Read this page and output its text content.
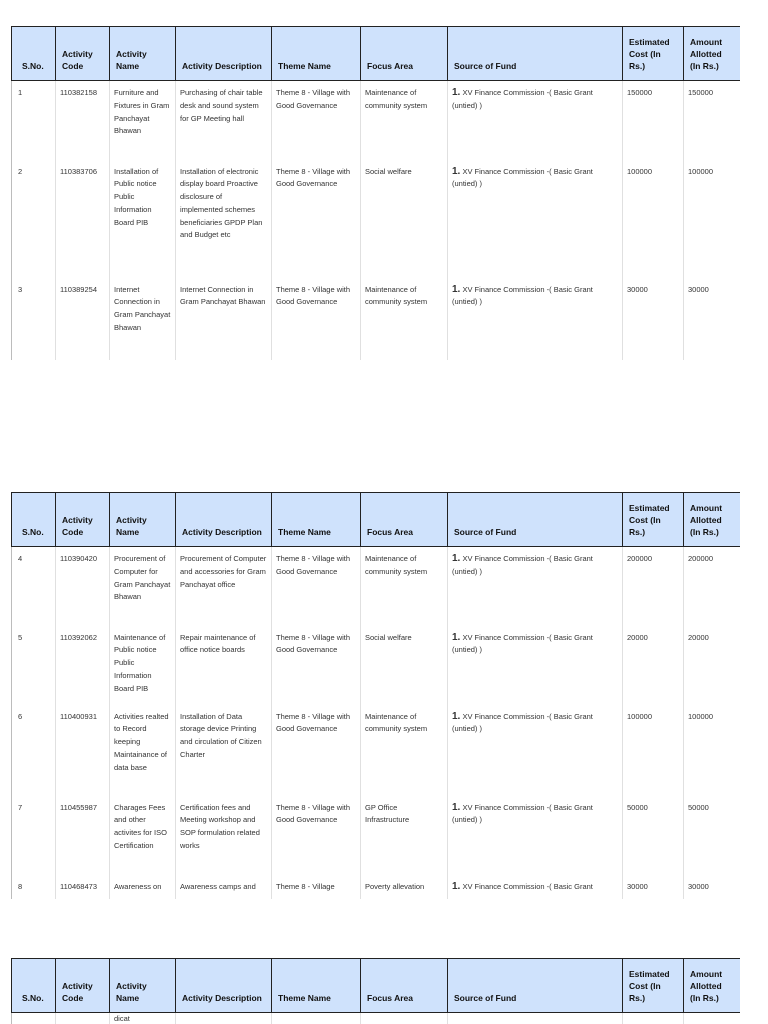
S.No.	Activity Code	Activity Name	Activity Description	Theme Name	Focus Area	Source of Fund	Estimated Cost (In Rs.)	Amount Allotted (In Rs.)
1	110382158	Furniture and Fixtures in Gram Panchayat Bhawan	Purchasing of chair table desk and sound system for GP Meeting hall	Theme 8 - Village with Good Governance	Maintenance of community system	1. XV Finance Commission -( Basic Grant (untied) )	150000	150000
2	110383706	Installation of Public notice Public Information Board PIB	Installation of electronic display board Proactive disclosure of implemented schemes beneficiaries GPDP Plan and Budget etc	Theme 8 - Village with Good Governance	Social welfare	1. XV Finance Commission -( Basic Grant (untied) )	100000	100000
3	110389254	Internet Connection in Gram Panchayat Bhawan	Internet Connection in Gram Panchayat Bhawan	Theme 8 - Village with Good Governance	Maintenance of community system	1. XV Finance Commission -( Basic Grant (untied) )	30000	30000
S.No.	Activity Code	Activity Name	Activity Description	Theme Name	Focus Area	Source of Fund	Estimated Cost (In Rs.)	Amount Allotted (In Rs.)
4	110390420	Procurement of Computer for Gram Panchayat Bhawan	Procurement of Computer and accessories for Gram Panchayat office	Theme 8 - Village with Good Governance	Maintenance of community system	1. XV Finance Commission -( Basic Grant (untied) )	200000	200000
5	110392062	Maintenance of Public notice Public Information Board PIB	Repair maintenance of office notice boards	Theme 8 - Village with Good Governance	Social welfare	1. XV Finance Commission -( Basic Grant (untied) )	20000	20000
6	110400931	Activities realted to Record keeping Maintainance of data base	Installation of Data storage device Printing and circulation of Citizen Charter	Theme 8 - Village with Good Governance	Maintenance of community system	1. XV Finance Commission -( Basic Grant (untied) )	100000	100000
7	110455987	Charages Fees and other activites for ISO Certification	Certification fees and Meeting workshop and SOP formulation related works	Theme 8 - Village with Good Governance	GP Office Infrastructure	1. XV Finance Commission -( Basic Grant (untied) )	50000	50000
8	110468473	Awareness on	Awareness camps and	Theme 8 - Village	Poverty allevation	1. XV Finance Commission -( Basic Grant	30000	30000
S.No.	Activity Code	Activity Name	Activity Description	Theme Name	Focus Area	Source of Fund	Estimated Cost (In Rs.)	Amount Allotted (In Rs.)
		dicat						
